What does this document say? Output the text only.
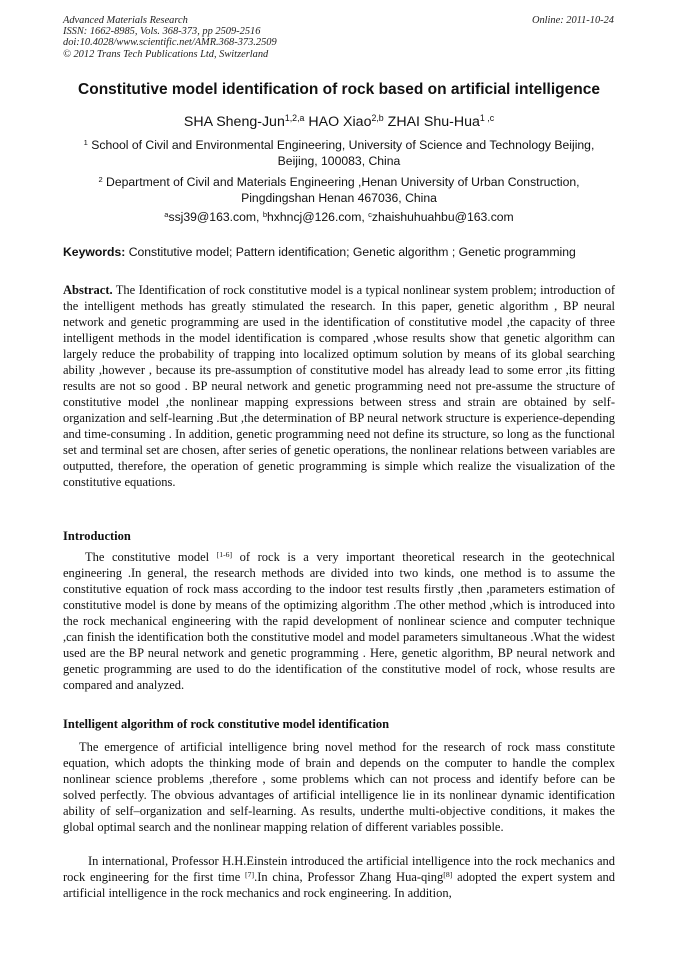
Advanced Materials Research
ISSN: 1662-8985, Vols. 368-373, pp 2509-2516
doi:10.4028/www.scientific.net/AMR.368-373.2509
© 2012 Trans Tech Publications Ltd, Switzerland
Online: 2011-10-24
Constitutive model identification of rock based on artificial intelligence
SHA Sheng-Jun$^{1,2,a}$ HAO Xiao$^{2,b}$ ZHAI Shu-Hua$^{1 ,c}$
$^1$ School of Civil and Environmental Engineering, University of Science and Technology Beijing,
Beijing, 100083, China
$^2$ Department of Civil and Materials Engineering ,Henan University of Urban Construction,
Pingdingshan Henan 467036, China
$^a$ssj39@163.com, $^b$hxhncj@126.com, $^c$zhaishuhuahbu@163.com
Keywords: Constitutive model; Pattern identification; Genetic algorithm ; Genetic programming

Abstract. The Identification of rock constitutive model is a typical nonlinear system problem; introduction of the intelligent methods has greatly stimulated the research. In this paper, genetic algorithm , BP neural network and genetic programming are used in the identification of constitutive model ,the capacity of three intelligent methods in the model identification is compared ,whose results show that genetic algorithm can largely reduce the probability of trapping into localized optimum solution by means of its global searching ability ,however , because its pre-assumption of constitutive model has already lead to some error ,its fitting results are not so good . BP neural network and genetic programming need not pre-assume the structure of constitutive model ,the nonlinear mapping expressions between stress and strain are obtained by self-organization and self-learning .But ,the determination of BP neural network structure is experience-depending and time-consuming . In addition, genetic programming need not define its structure, so long as the functional set and terminal set are chosen, after series of genetic operations, the nonlinear relations between variables are outputted, therefore, the operation of genetic programming is simple which realize the visualization of the constitutive equations.

Introduction

The constitutive model [1-6] of rock is a very important theoretical research in the geotechnical engineering .In general, the research methods are divided into two kinds, one method is to assume the constitutive equation of rock mass according to the indoor test results firstly ,then ,parameters estimation of constitutive model is done by means of the optimizing algorithm .The other method ,which is introduced into the rock mechanical engineering with the rapid development of nonlinear science and computer technique ,can finish the identification both the constitutive model and model parameters simultaneous .What the widest used are the BP neural network and genetic programming . Here, genetic algorithm, BP neural network and genetic programming are used to do the identification of the constitutive model of rock, whose results are compared and analyzed.

Intelligent algorithm of rock constitutive model identification

The emergence of artificial intelligence bring novel method for the research of rock mass constitute equation, which adopts the thinking mode of brain and depends on the computer to handle the complex nonlinear science problems ,therefore , some problems which can not process and identify before can be solved perfectly. The obvious advantages of artificial intelligence lie in its nonlinear dynamic identification ability of self–organization and self-learning. As results, underthe multi-objective conditions, it makes the global optimal search and the nonlinear mapping relation of different variables possible.

In international, Professor H.H.Einstein introduced the artificial intelligence into the rock mechanics and rock engineering for the first time [7].In china, Professor Zhang Hua-qing[8] adopted the expert system and artificial intelligence in the rock mechanics and rock engineering. In addition,
